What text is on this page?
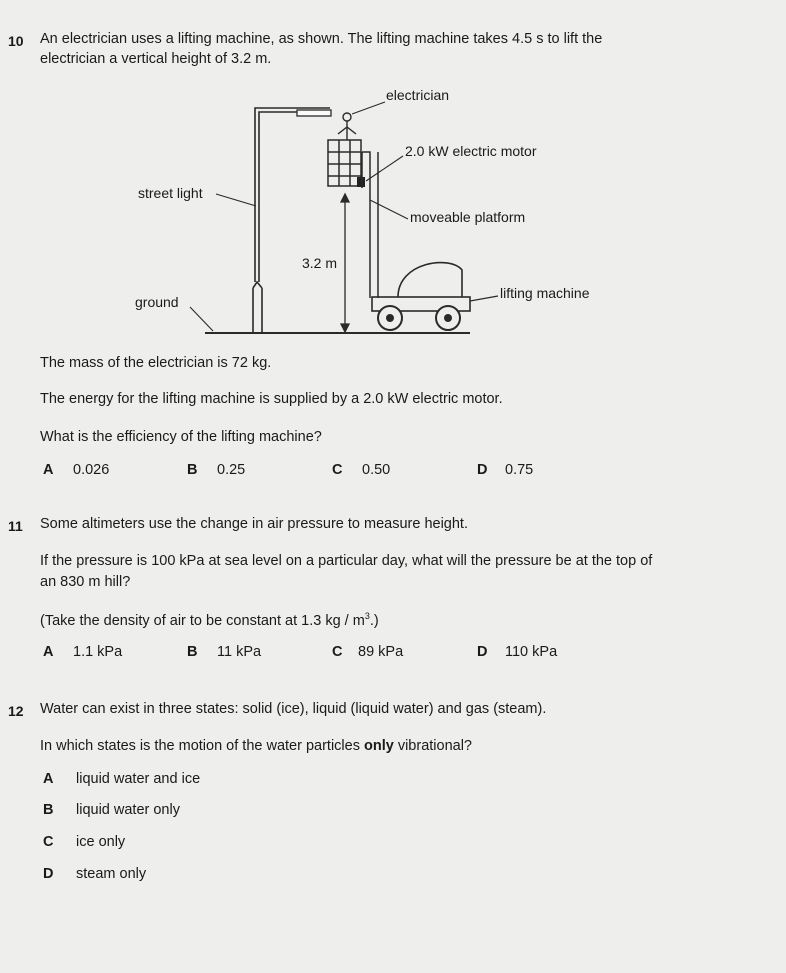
10 An electrician uses a lifting machine, as shown. The lifting machine takes 4.5 s to lift the
electrician a vertical height of 3.2 m.
electrician
2.0 kW electric motor
street light
moveable platform
3.2 m
lifting machine
ground
The mass of the electrician is 72 kg.
The energy for the lifting machine is supplied by a 2.0 kW electric motor.
What is the efficiency of the lifting machine?
A 0.026	B 0.25	C 0.50	D 0.75
11 Some altimeters use the change in air pressure to measure height.
If the pressure is 100 kPa at sea level on a particular day, what will the pressure be at the top of
an 830 m hill?
(Take the density of air to be constant at 1.3 kg / $m^3$.)
A 1.1 kPa	B 11 kPa	C 89 kPa	D 110 kPa
12 Water can exist in three states: solid (ice), liquid (liquid water) and gas (steam).
In which states is the motion of the water particles only vibrational?
A liquid water and ice
B liquid water only
C ice only
D steam only
